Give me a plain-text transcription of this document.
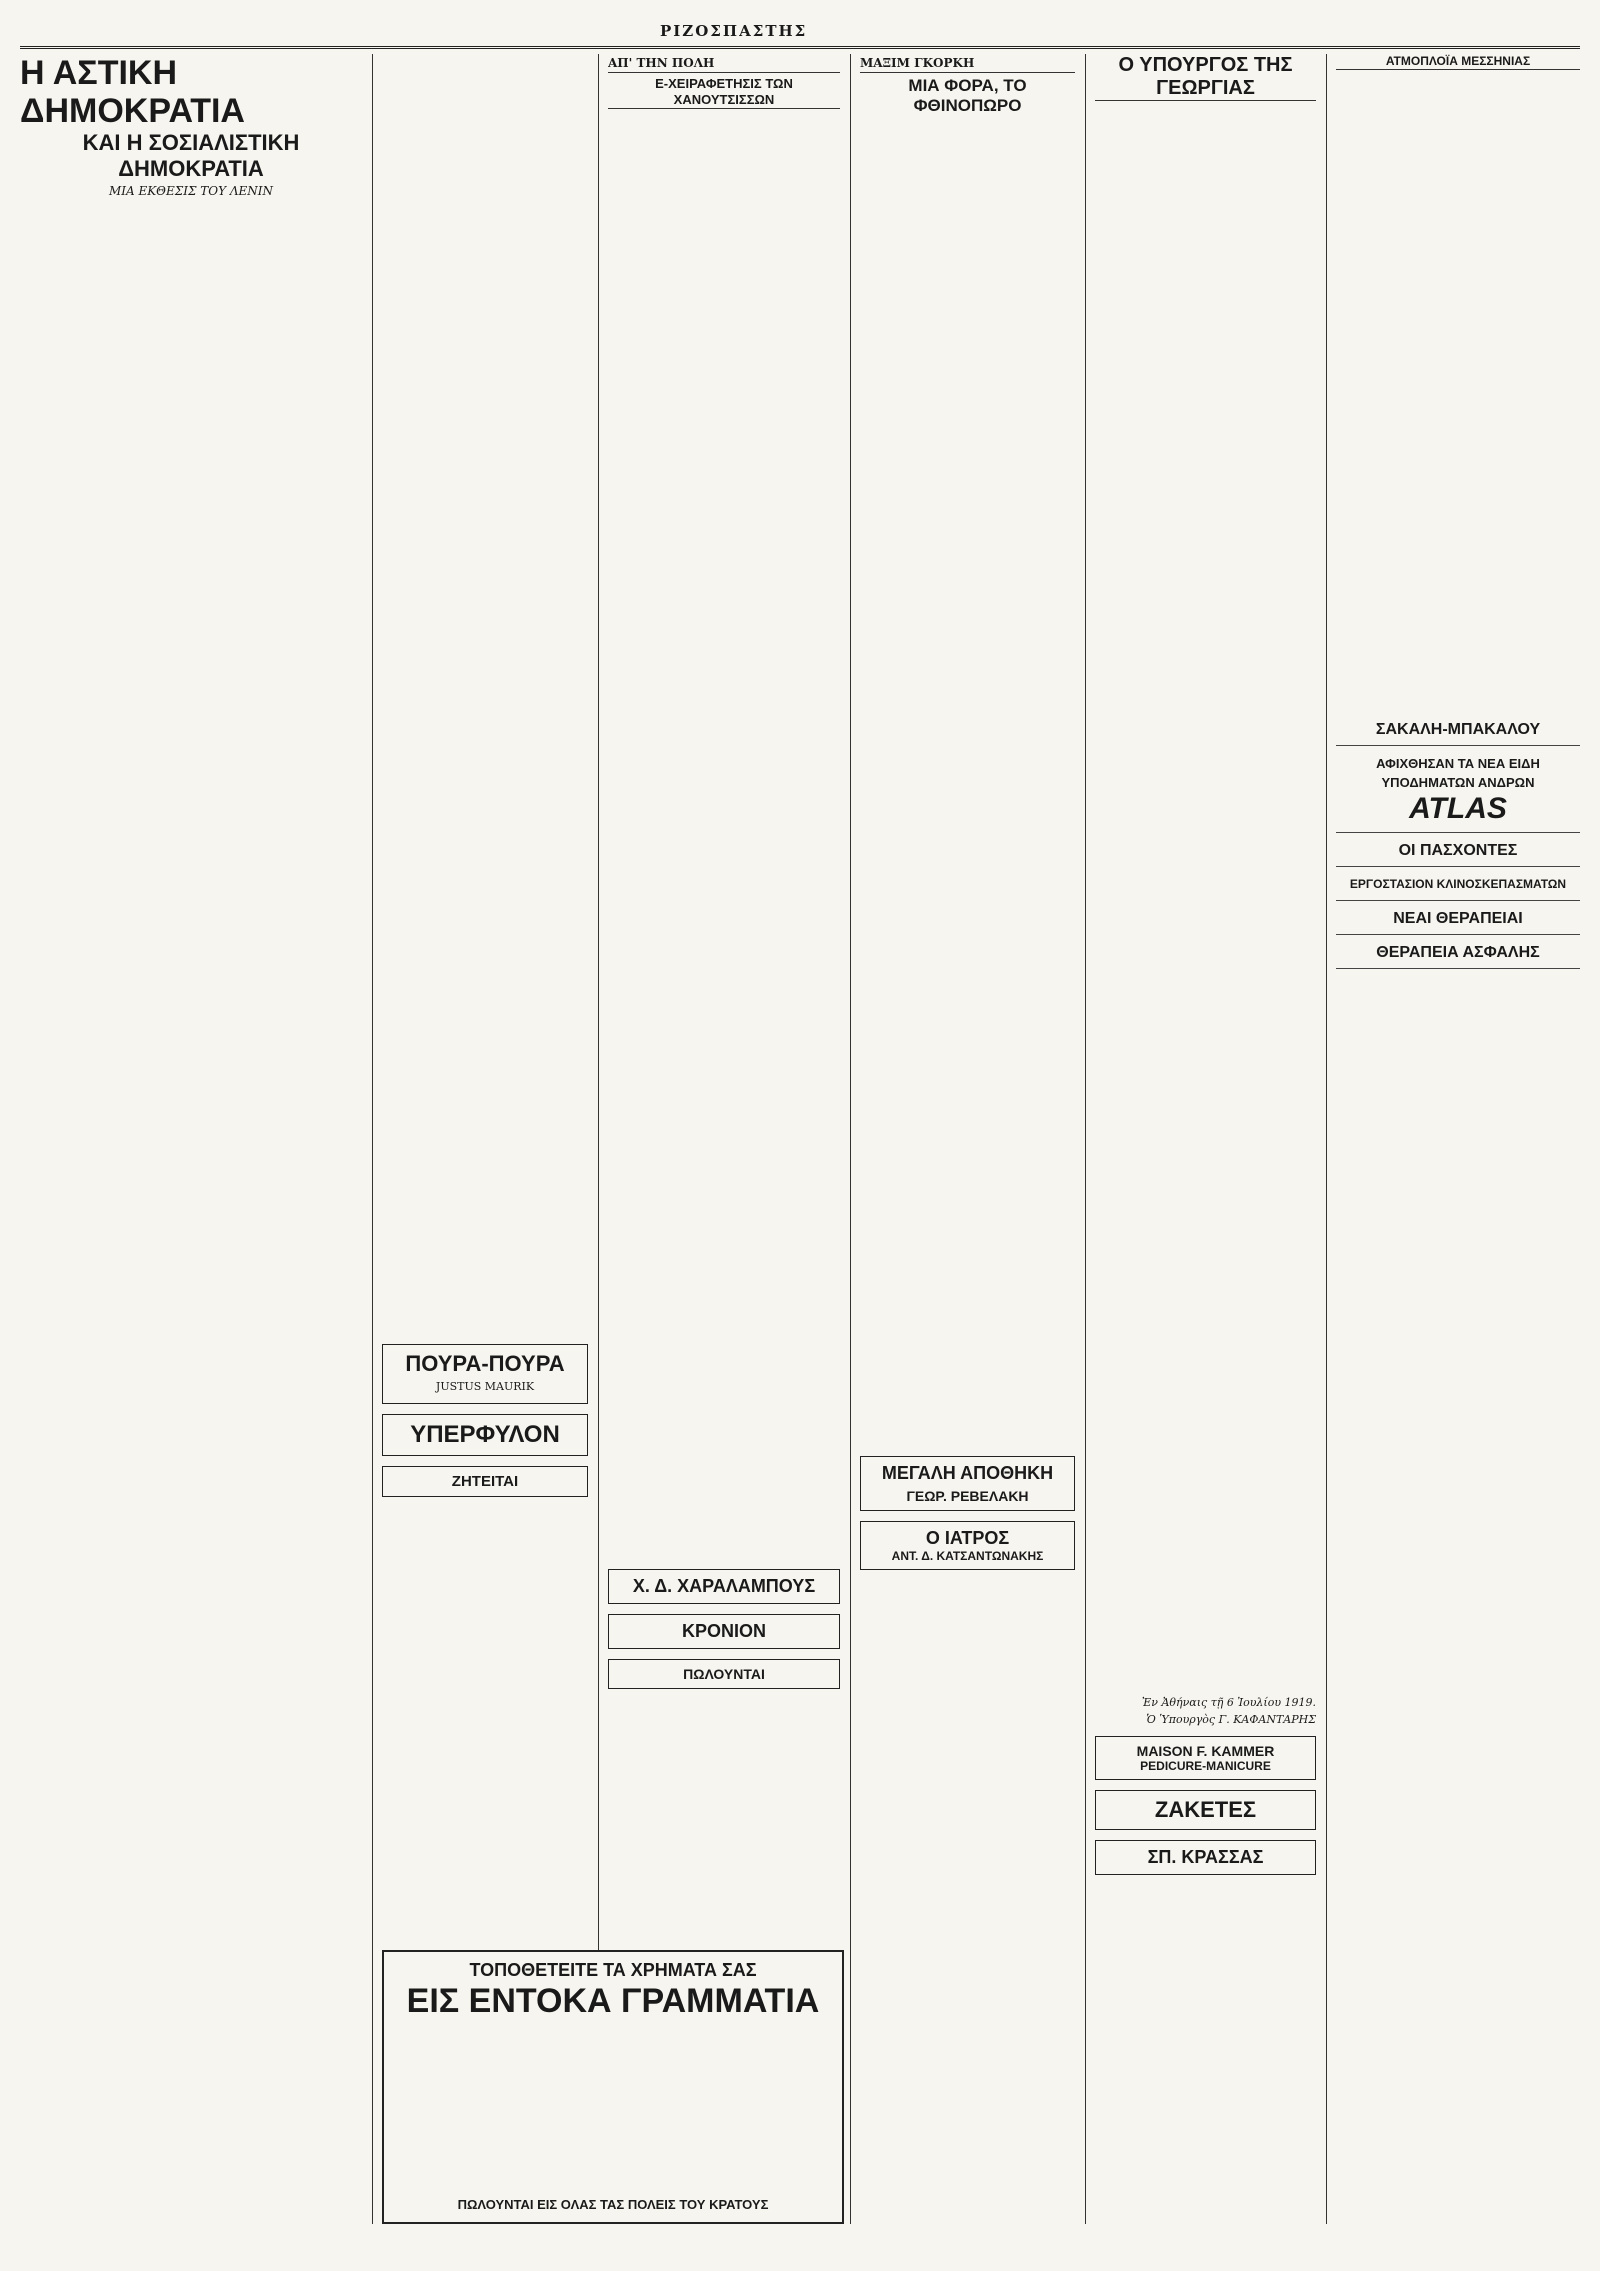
ΡΙΖΟΣΠΑΣΤΗΣ
Η ΑΣΤΙΚΗ ΔΗΜΟΚΡΑΤΙΑ
ΚΑΙ Η ΣΟΣΙΑΛΙΣΤΙΚΗ ΔΗΜΟΚΡΑΤΙΑ
ΜΙΑ ΕΚΘΕΣΙΣ ΤΟΥ ΛΕΝΙΝ
ΠΟΥΡΑ-ΠΟΥΡΑ
JUSTUS MAURIK
ΥΠΕΡΦΥΛΟΝ
ΖΗΤΕΙΤΑΙ
ΑΠ' ΤΗΝ ΠΟΛΗ
Ε-ΧΕΙΡΑΦΕΤΗΣΙΣ ΤΩΝ ΧΑΝΟΥΤΣΙΣΣΩΝ
Χ. Δ. ΧΑΡΑΛΑΜΠΟΥΣ
ΚΡΟΝΙΟΝ
ΠΩΛΟΥΝΤΑΙ
ΜΑΞΙΜ ΓΚΟΡΚΗ
ΜΙΑ ΦΟΡΑ, ΤΟ ΦΘΙΝΟΠΩΡΟ
ΜΕΓΑΛΗ ΑΠΟΘΗΚΗ
ΓΕΩΡ. ΡΕΒΕΛΑΚΗ
Ο ΙΑΤΡΟΣ
ΑΝΤ. Δ. ΚΑΤΣΑΝΤΩΝΑΚΗΣ
Ο ΥΠΟΥΡΓΟΣ ΤΗΣ ΓΕΩΡΓΙΑΣ
Ἐν Ἀθήναις τῇ 6 Ἰουλίου 1919.
Ὁ Ὑπουργὸς Γ. ΚΑΦΑΝΤΑΡΗΣ
MAISON F. KAMMER
PEDICURE-MANICURE
ΖΑΚΕΤΕΣ
ΣΠ. ΚΡΑΣΣΑΣ
ΑΤΜΟΠΛΟΪΑ ΜΕΣΣΗΝΙΑΣ
ΣΑΚΑΛΗ-ΜΠΑΚΑΛΟΥ
ΑΦΙΧΘΗΣΑΝ ΤΑ ΝΕΑ ΕΙΔΗ ΥΠΟΔΗΜΑΤΩΝ ΑΝΔΡΩΝ
ATLAS
ΟΙ ΠΑΣΧΟΝΤΕΣ
ΕΡΓΟΣΤΑΣΙΟΝ ΚΛΙΝΟΣΚΕΠΑΣΜΑΤΩΝ
ΝΕΑΙ ΘΕΡΑΠΕΙΑΙ
ΘΕΡΑΠΕΙΑ ΑΣΦΑΛΗΣ
ΤΟΠΟΘΕΤΕΙΤΕ ΤΑ ΧΡΗΜΑΤΑ ΣΑΣ
ΕΙΣ ΕΝΤΟΚΑ ΓΡΑΜΜΑΤΙΑ
ΠΩΛΟΥΝΤΑΙ ΕΙΣ ΟΛΑΣ ΤΑΣ ΠΟΛΕΙΣ ΤΟΥ ΚΡΑΤΟΥΣ
